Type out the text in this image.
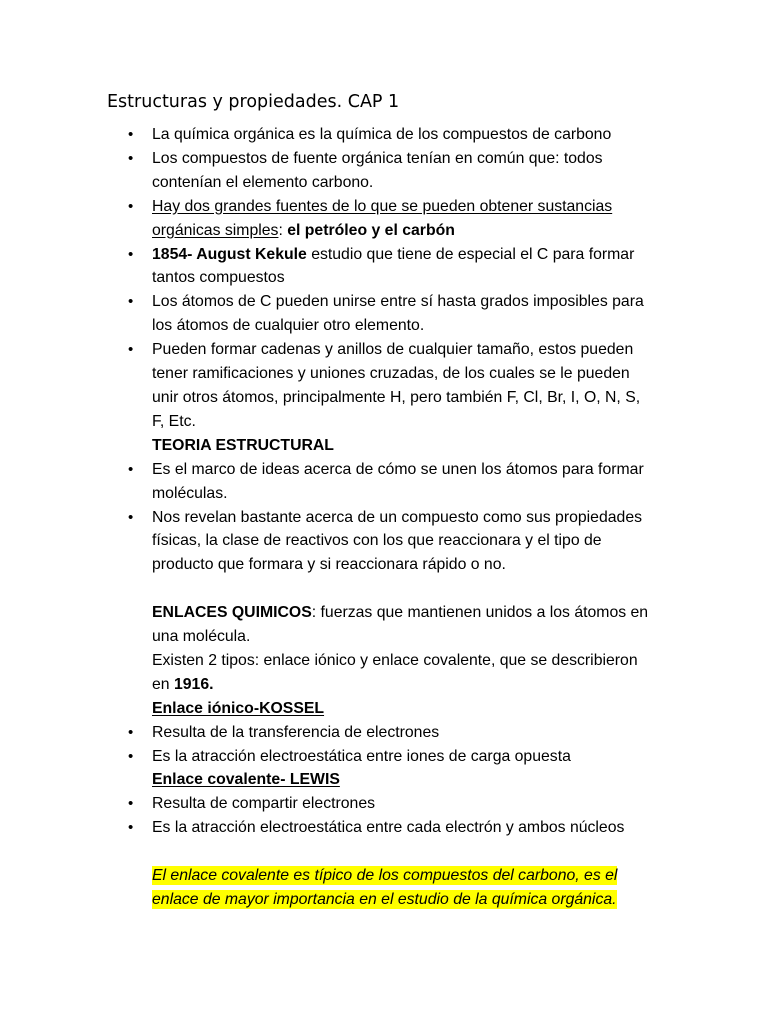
Estructuras y propiedades. CAP 1
• La química orgánica es la química de los compuestos de carbono
• Los compuestos de fuente orgánica tenían en común que: todos
contenían el elemento carbono.
• Hay dos grandes fuentes de lo que se pueden obtener sustancias
orgánicas simples: el petróleo y el carbón
• 1854- August Kekule estudio que tiene de especial el C para formar
tantos compuestos
• Los átomos de C pueden unirse entre sí hasta grados imposibles para
los átomos de cualquier otro elemento.
• Pueden formar cadenas y anillos de cualquier tamaño, estos pueden
tener ramificaciones y uniones cruzadas, de los cuales se le pueden
unir otros átomos, principalmente H, pero también F, Cl, Br, I, O, N, S,
F, Etc.
TEORIA ESTRUCTURAL
• Es el marco de ideas acerca de cómo se unen los átomos para formar
moléculas.
• Nos revelan bastante acerca de un compuesto como sus propiedades
físicas, la clase de reactivos con los que reaccionara y el tipo de
producto que formara y si reaccionara rápido o no.
ENLACES QUIMICOS: fuerzas que mantienen unidos a los átomos en
una molécula.
Existen 2 tipos: enlace iónico y enlace covalente, que se describieron
en 1916.
Enlace iónico-KOSSEL
• Resulta de la transferencia de electrones
• Es la atracción electroestática entre iones de carga opuesta
Enlace covalente- LEWIS
• Resulta de compartir electrones
• Es la atracción electroestática entre cada electrón y ambos núcleos
El enlace covalente es típico de los compuestos del carbono, es el
enlace de mayor importancia en el estudio de la química orgánica.
